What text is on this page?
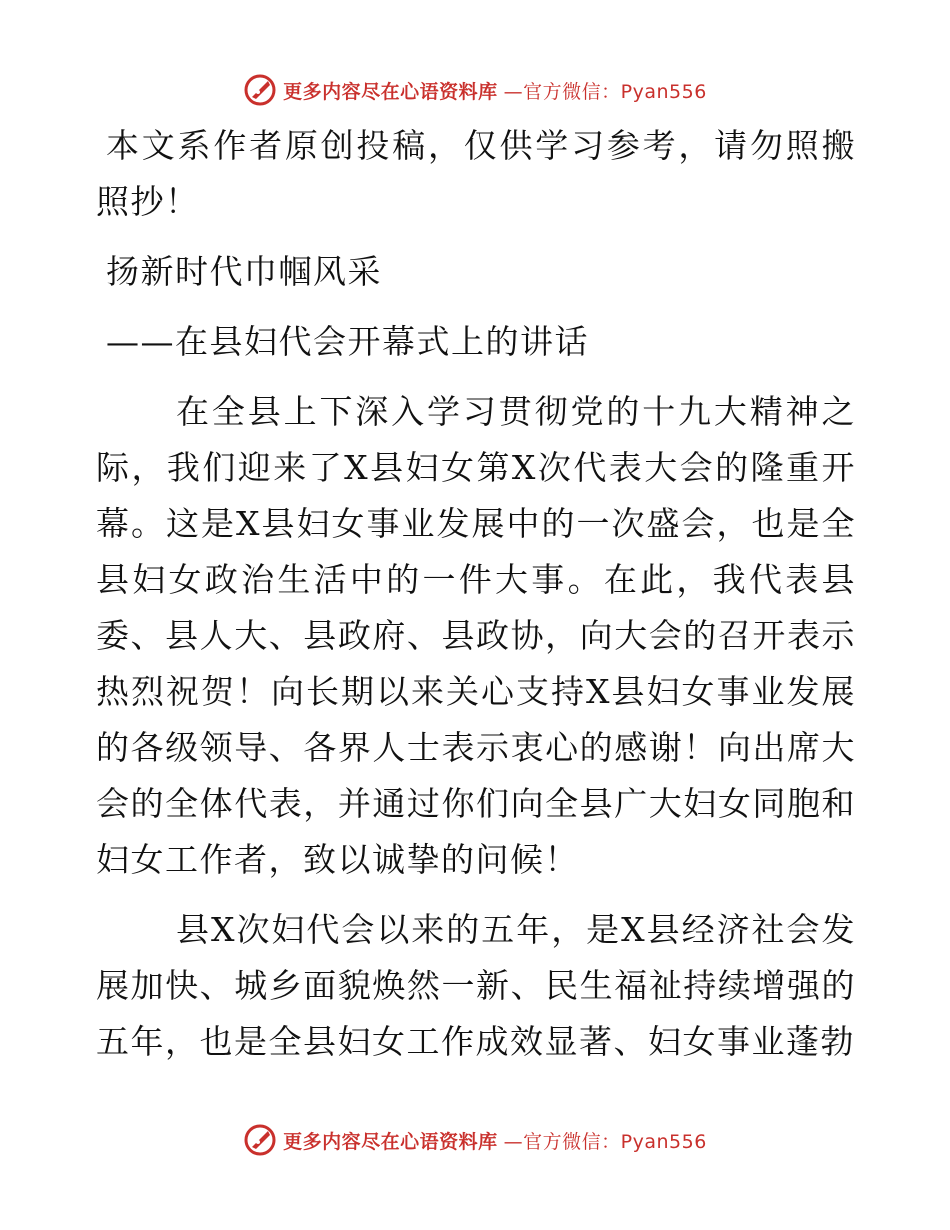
更多内容尽在心语资料库 —官方微信：Pyan556

本文系作者原创投稿，仅供学习参考，请勿照搬照抄！

扬新时代巾帼风采

——在县妇代会开幕式上的讲话

在全县上下深入学习贯彻党的十九大精神之际，我们迎来了X县妇女第X次代表大会的隆重开幕。这是X县妇女事业发展中的一次盛会，也是全县妇女政治生活中的一件大事。在此，我代表县委、县人大、县政府、县政协，向大会的召开表示热烈祝贺！向长期以来关心支持X县妇女事业发展的各级领导、各界人士表示衷心的感谢！向出席大会的全体代表，并通过你们向全县广大妇女同胞和妇女工作者，致以诚挚的问候！

县X次妇代会以来的五年，是X县经济社会发展加快、城乡面貌焕然一新、民生福祉持续增强的五年，也是全县妇女工作成效显著、妇女事业蓬勃

更多内容尽在心语资料库 —官方微信：Pyan556
